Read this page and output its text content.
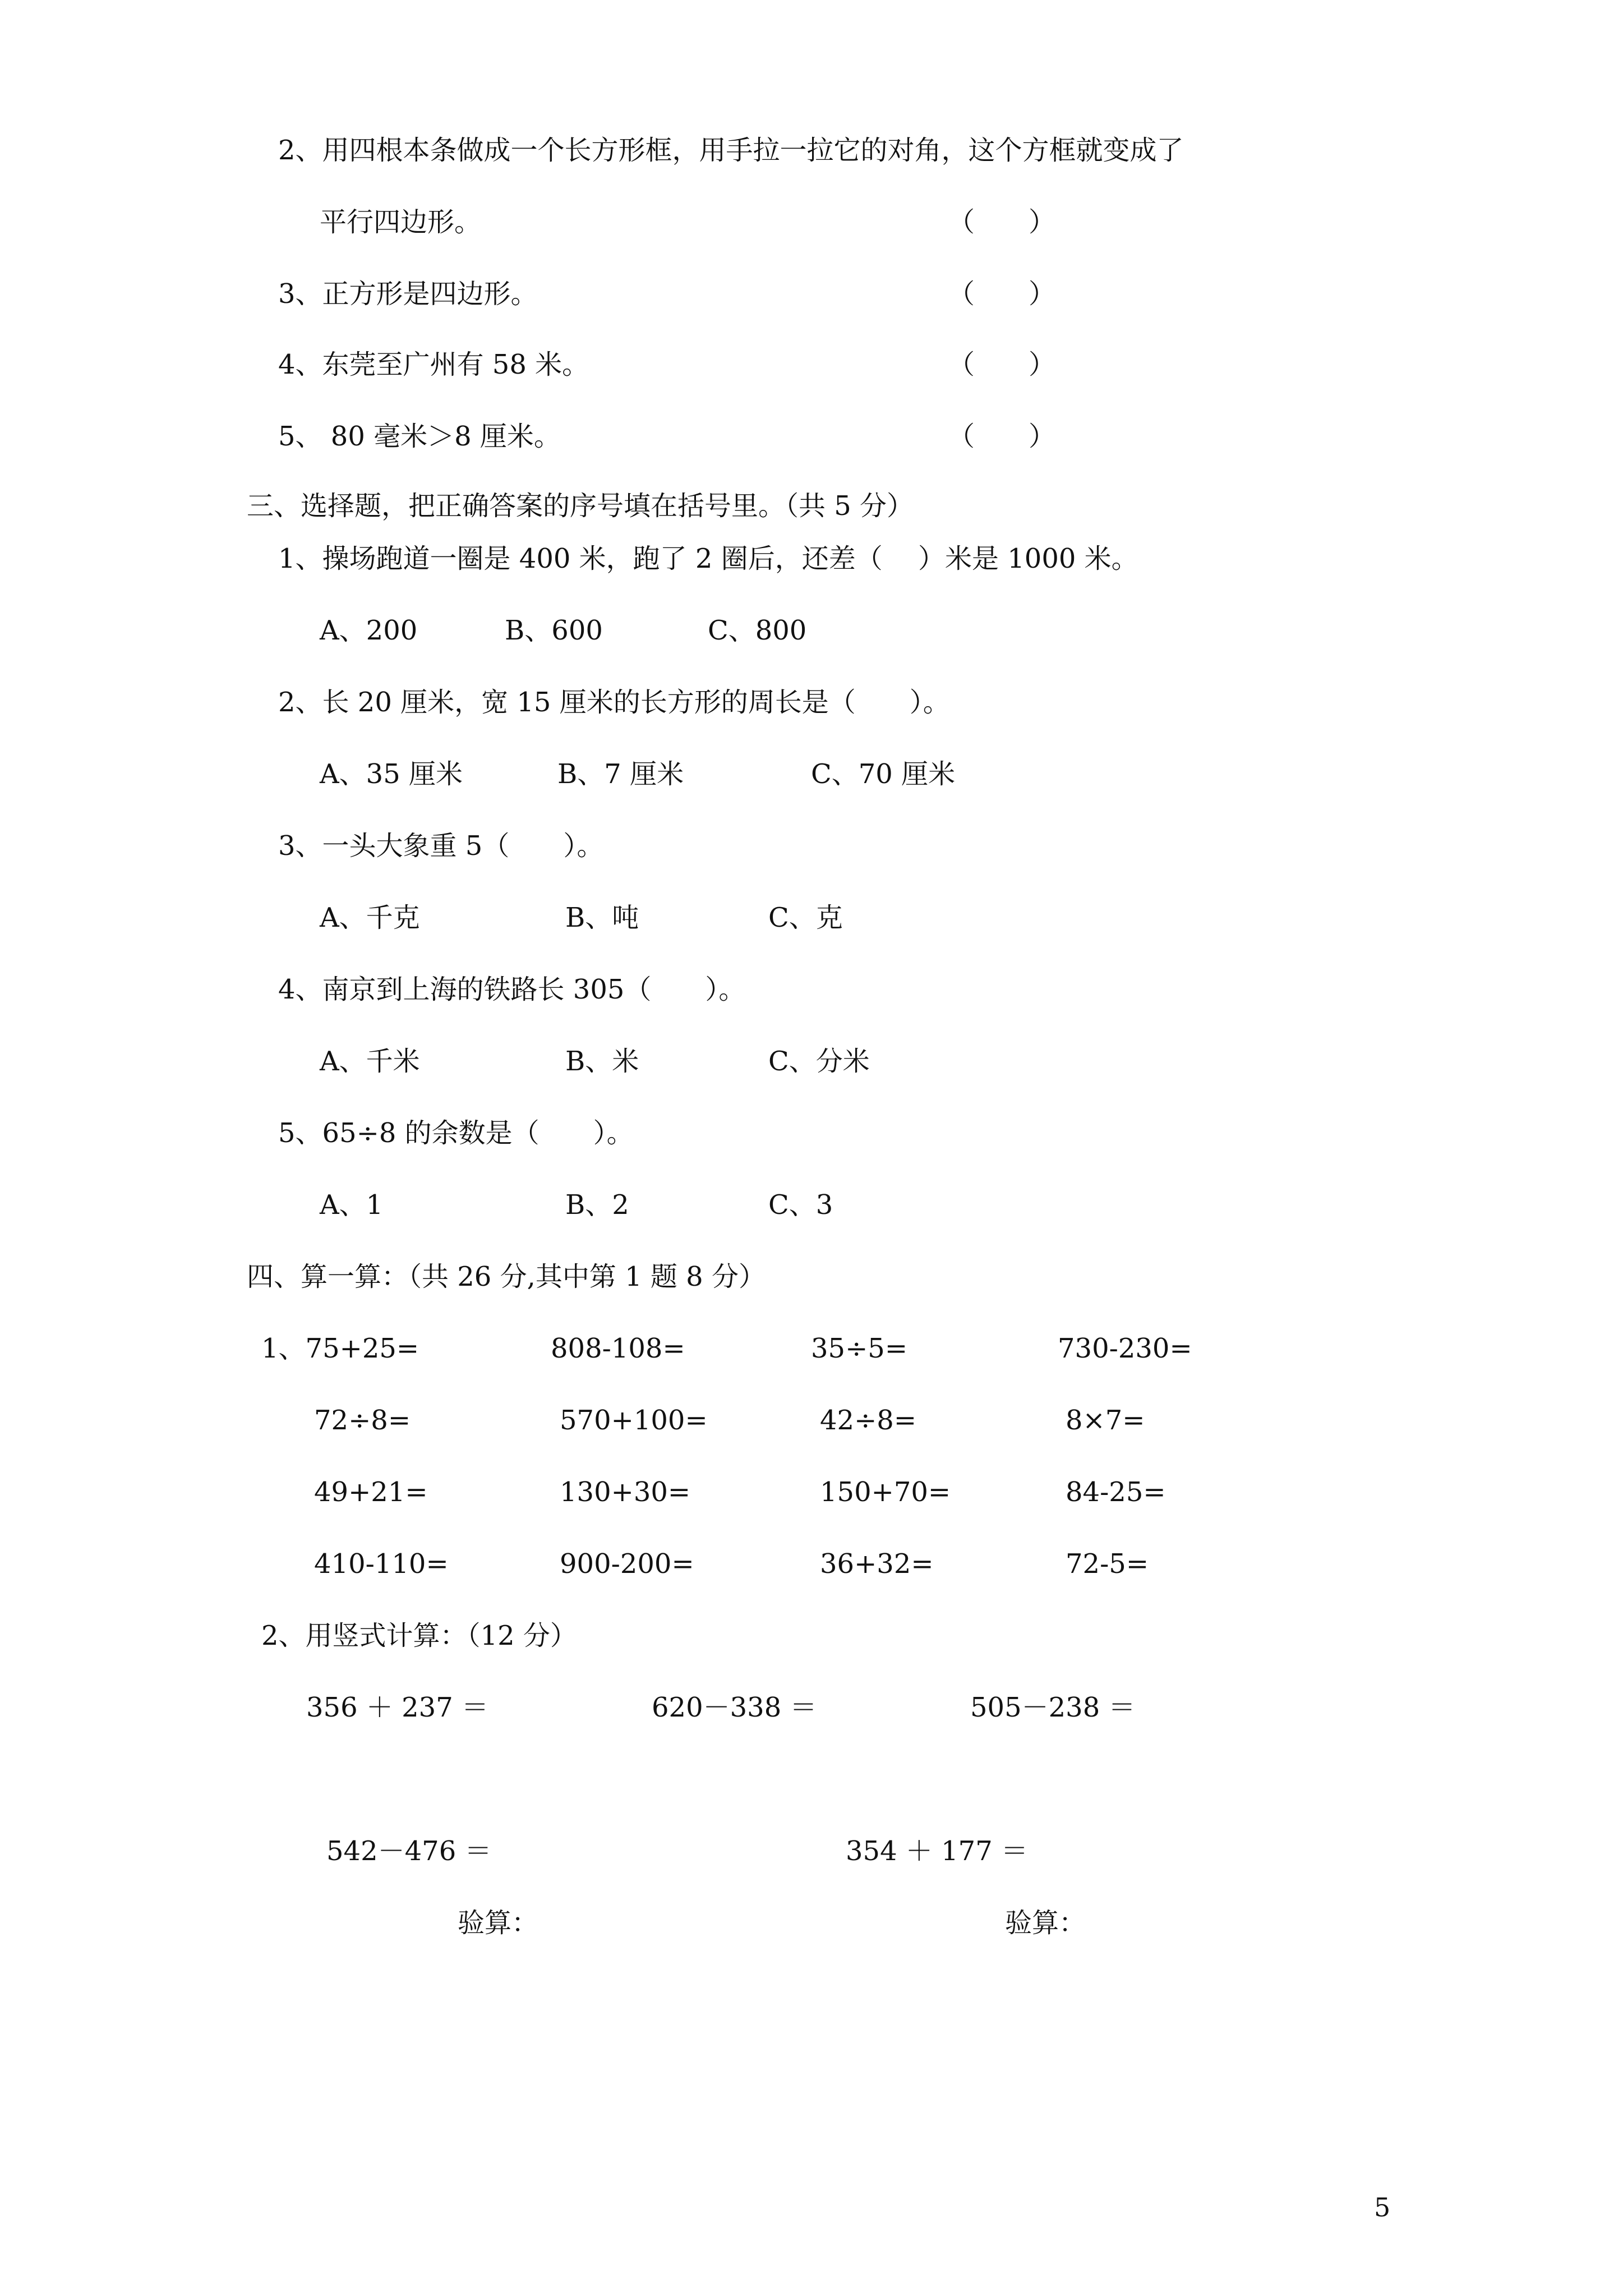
2、用四根本条做成一个长方形框，用手拉一拉它的对角，这个方框就变成了
平行四边形。	（　　）
3、正方形是四边形。	（　　）
4、东莞至广州有 58 米。	（　　）
5、 80 毫米＞8 厘米。	（　　）
三、选择题，把正确答案的序号填在括号里。（共 5 分）
1、操场跑道一圈是 400 米，跑了 2 圈后，还差（　 ）米是 1000 米。
A、200	B、600	C、800
2、长 20 厘米，宽 15 厘米的长方形的周长是（　　）。
A、35 厘米	B、7 厘米	C、70 厘米
3、一头大象重 5（　　）。
A、千克	B、吨	C、克
4、南京到上海的铁路长 305（　　）。
A、千米	B、米	C、分米
5、65÷8 的余数是（　　）。
A、1	B、2	C、3
四、算一算：（共 26 分,其中第 1 题 8 分）
1、75+25=	808-108=	35÷5=	730-230=
72÷8=	570+100=	42÷8=	8×7=
49+21=	130+30=	150+70=	84-25=
410-110=	900-200=	36+32=	72-5=
2、用竖式计算：（12 分）
356 ＋ 237 ＝	620－338 ＝	505－238 ＝
542－476 ＝	354 ＋ 177 ＝
验算：	验算：
5
